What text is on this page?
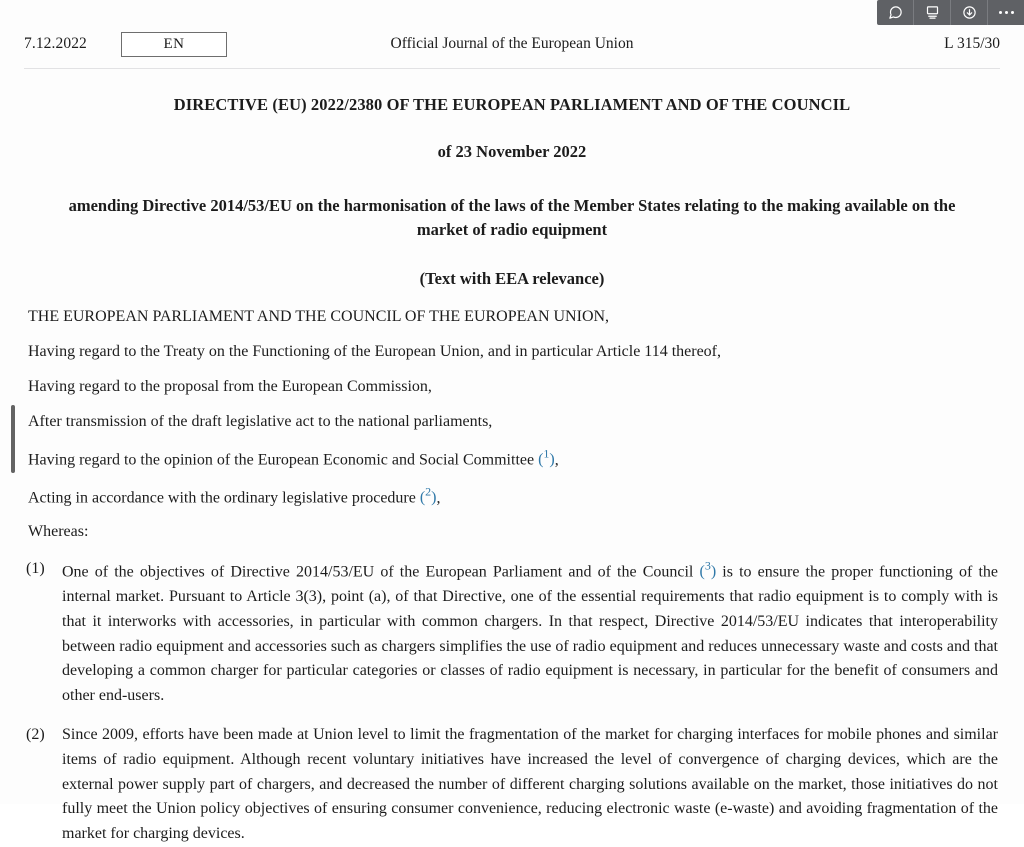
7.12.2022	EN	Official Journal of the European Union	L 315/30
DIRECTIVE (EU) 2022/2380 OF THE EUROPEAN PARLIAMENT AND OF THE COUNCIL
of 23 November 2022
amending Directive 2014/53/EU on the harmonisation of the laws of the Member States relating to the making available on the market of radio equipment
(Text with EEA relevance)
THE EUROPEAN PARLIAMENT AND THE COUNCIL OF THE EUROPEAN UNION,
Having regard to the Treaty on the Functioning of the European Union, and in particular Article 114 thereof,
Having regard to the proposal from the European Commission,
After transmission of the draft legislative act to the national parliaments,
Having regard to the opinion of the European Economic and Social Committee ($^1$),
Acting in accordance with the ordinary legislative procedure ($^2$),
Whereas:
(1)	One of the objectives of Directive 2014/53/EU of the European Parliament and of the Council ($^3$) is to ensure the proper functioning of the internal market. Pursuant to Article 3(3), point (a), of that Directive, one of the essential requirements that radio equipment is to comply with is that it interworks with accessories, in particular with common chargers. In that respect, Directive 2014/53/EU indicates that interoperability between radio equipment and accessories such as chargers simplifies the use of radio equipment and reduces unnecessary waste and costs and that developing a common charger for particular categories or classes of radio equipment is necessary, in particular for the benefit of consumers and other end-users.
(2)	Since 2009, efforts have been made at Union level to limit the fragmentation of the market for charging interfaces for mobile phones and similar items of radio equipment. Although recent voluntary initiatives have increased the level of convergence of charging devices, which are the external power supply part of chargers, and decreased the number of different charging solutions available on the market, those initiatives do not fully meet the Union policy objectives of ensuring consumer convenience, reducing electronic waste (e-waste) and avoiding fragmentation of the market for charging devices.
